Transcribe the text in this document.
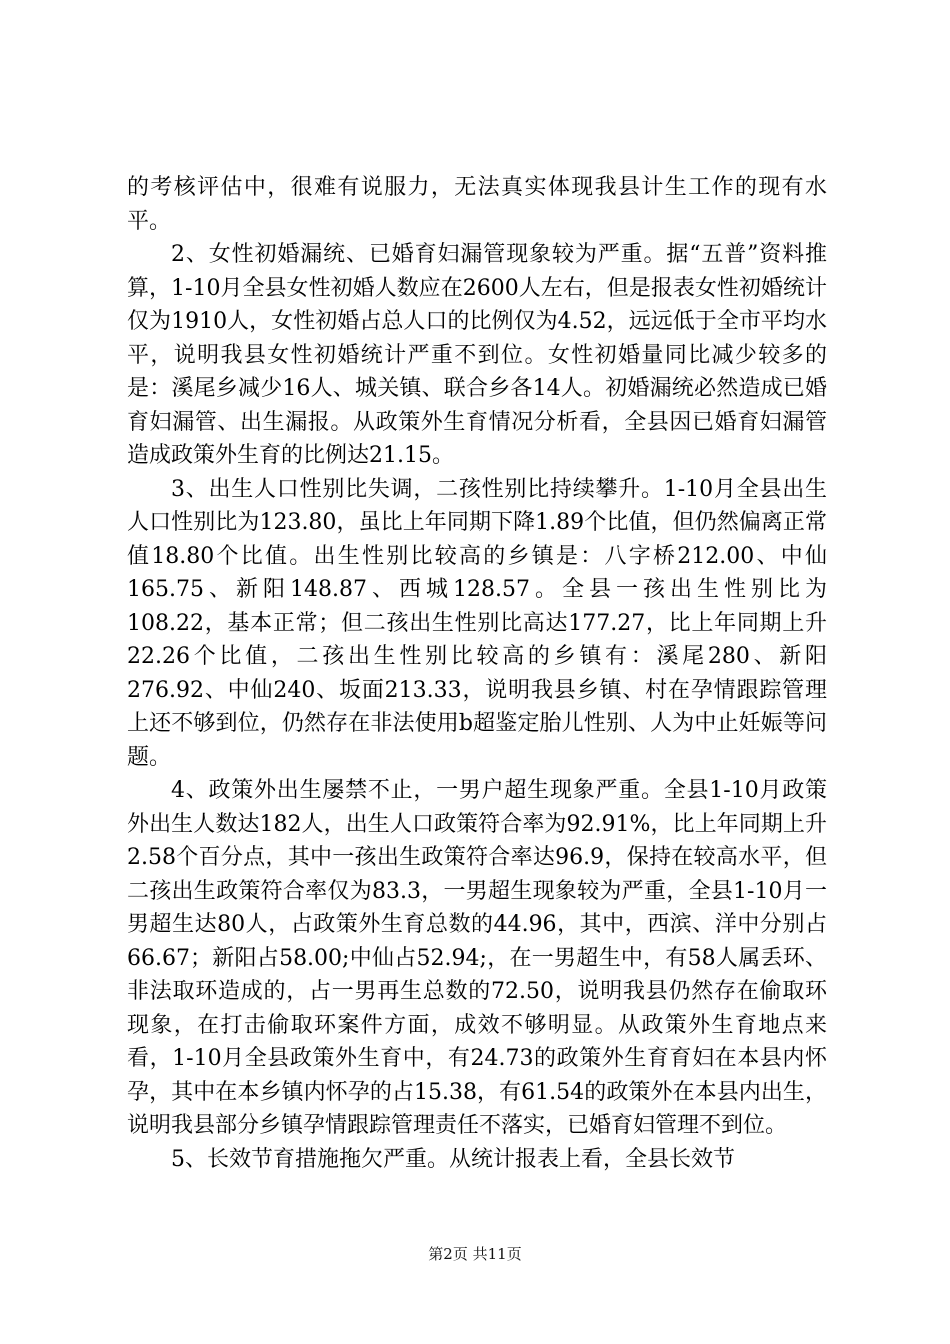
的考核评估中，很难有说服力，无法真实体现我县计生工作的现有水平。

2、女性初婚漏统、已婚育妇漏管现象较为严重。据“五普”资料推算，1-10月全县女性初婚人数应在2600人左右，但是报表女性初婚统计仅为1910人，女性初婚占总人口的比例仅为4.52，远远低于全市平均水平，说明我县女性初婚统计严重不到位。女性初婚量同比减少较多的是：溪尾乡减少16人、城关镇、联合乡各14人。初婚漏统必然造成已婚育妇漏管、出生漏报。从政策外生育情况分析看，全县因已婚育妇漏管造成政策外生育的比例达21.15。

3、出生人口性别比失调，二孩性别比持续攀升。1-10月全县出生人口性别比为123.80，虽比上年同期下降1.89个比值，但仍然偏离正常值18.80个比值。出生性别比较高的乡镇是：八字桥212.00、中仙165.75、新阳148.87、西城128.57。全县一孩出生性别比为108.22，基本正常；但二孩出生性别比高达177.27，比上年同期上升22.26个比值，二孩出生性别比较高的乡镇有：溪尾280、新阳276.92、中仙240、坂面213.33，说明我县乡镇、村在孕情跟踪管理上还不够到位，仍然存在非法使用b超鉴定胎儿性别、人为中止妊娠等问题。

4、政策外出生屡禁不止，一男户超生现象严重。全县1-10月政策外出生人数达182人，出生人口政策符合率为92.91%，比上年同期上升2.58个百分点，其中一孩出生政策符合率达96.9，保持在较高水平，但二孩出生政策符合率仅为83.3，一男超生现象较为严重，全县1-10月一男超生达80人，占政策外生育总数的44.96，其中，西滨、洋中分别占66.67；新阳占58.00;中仙占52.94;，在一男超生中，有58人属丢环、非法取环造成的，占一男再生总数的72.50，说明我县仍然存在偷取环现象，在打击偷取环案件方面，成效不够明显。从政策外生育地点来看，1-10月全县政策外生育中，有24.73的政策外生育育妇在本县内怀孕，其中在本乡镇内怀孕的占15.38，有61.54的政策外在本县内出生，说明我县部分乡镇孕情跟踪管理责任不落实，已婚育妇管理不到位。

5、长效节育措施拖欠严重。从统计报表上看，全县长效节

第2页 共11页
